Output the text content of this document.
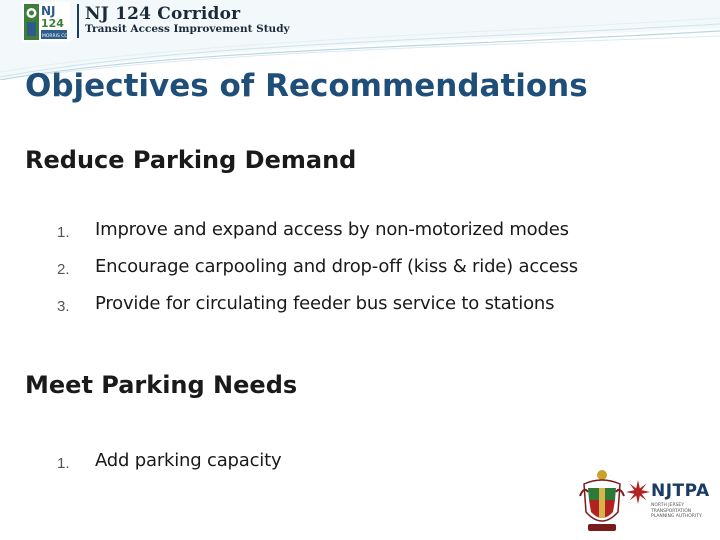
NJ
124
MORRIS CO
NJ 124 Corridor
Transit Access Improvement Study
Objectives of Recommendations
Reduce Parking Demand
1. Improve and expand access by non-motorized modes
2. Encourage carpooling and drop-off (kiss & ride) access
3. Provide for circulating feeder bus service to stations
Meet Parking Needs
1. Add parking capacity
NJTPA
NORTH JERSEY TRANSPORTATION PLANNING AUTHORITY
